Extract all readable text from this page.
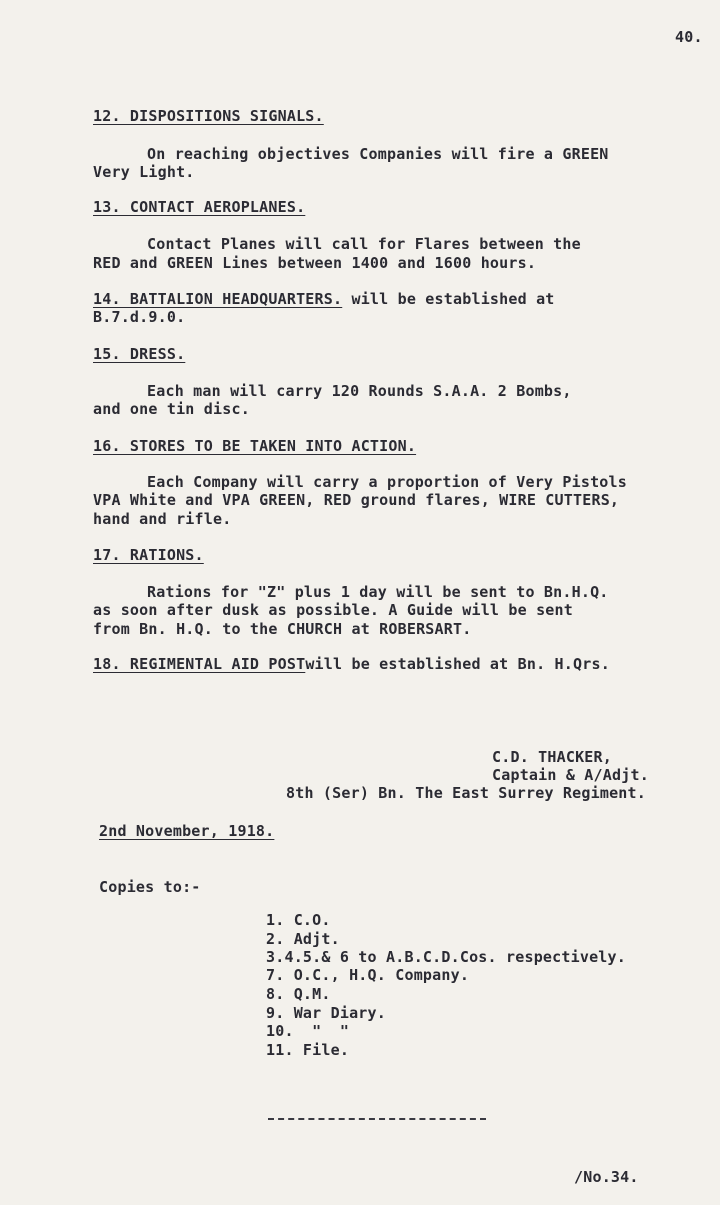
40.
12. DISPOSITIONS SIGNALS.
On reaching objectives Companies will fire a GREEN
Very Light.
13. CONTACT AEROPLANES.
Contact Planes will call for Flares between the
RED and GREEN Lines between 1400 and 1600 hours.
14. BATTALION HEADQUARTERS. will be established at
B.7.d.9.0.
15. DRESS.
Each man will carry 120 Rounds S.A.A. 2 Bombs,
and one tin disc.
16. STORES TO BE TAKEN INTO ACTION.
Each Company will carry a proportion of Very Pistols
VPA White and VPA GREEN, RED ground flares, WIRE CUTTERS,
hand and rifle.
17. RATIONS.
Rations for "Z" plus 1 day will be sent to Bn.H.Q.
as soon after dusk as possible. A Guide will be sent
from Bn. H.Q. to the CHURCH at ROBERSART.
18. REGIMENTAL AID POSTwill be established at Bn. H.Qrs.
C.D. THACKER,
Captain & A/Adjt.
8th (Ser) Bn. The East Surrey Regiment.
2nd November, 1918.
Copies to:-
1. C.O.
2. Adjt.
3.4.5.& 6 to A.B.C.D.Cos. respectively.
7. O.C., H.Q. Company.
8. Q.M.
9. War Diary.
10.  "  "
11. File.
/No.34.
